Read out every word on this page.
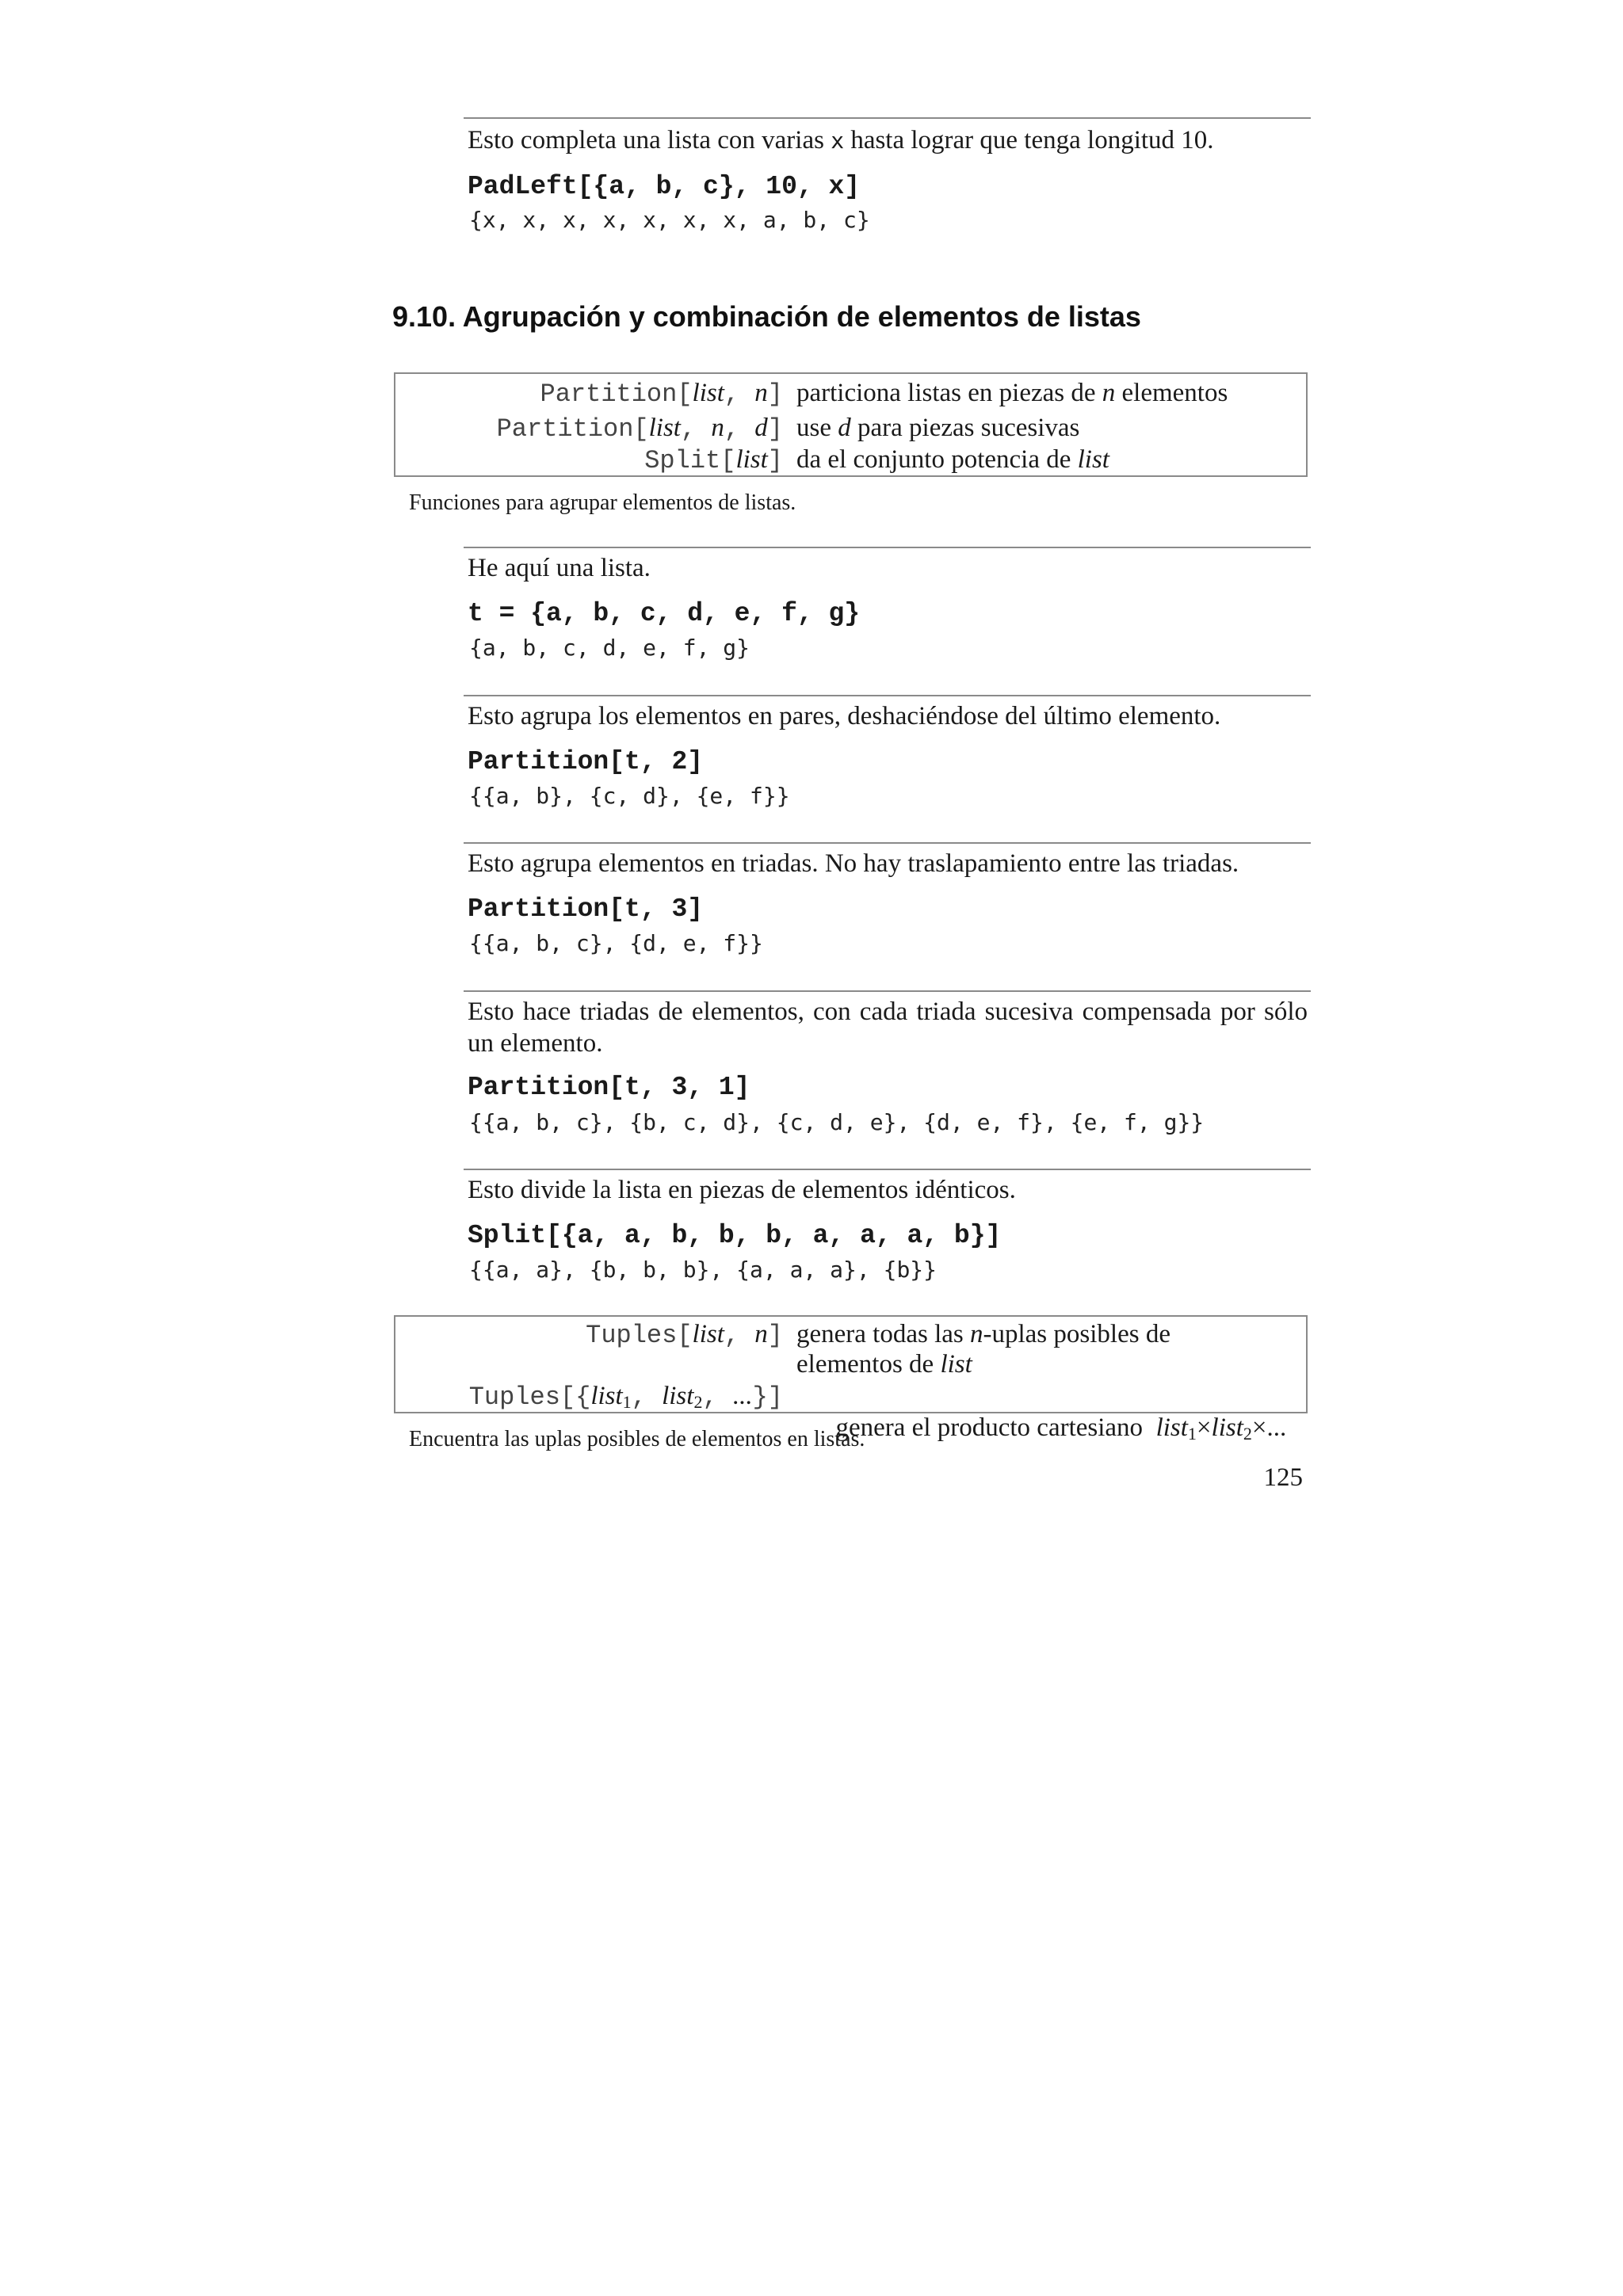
Esto completa una lista con varias x hasta lograr que tenga longitud 10.
PadLeft[{a, b, c}, 10, x]
{x, x, x, x, x, x, x, a, b, c}
9.10. Agrupación y combinación de elementos de listas
Partition[list, n] particiona listas en piezas de n elementos
Partition[list, n, d] use d para piezas sucesivas
Split[list] da el conjunto potencia de list
Funciones para agrupar elementos de listas.
He aquí una lista.
t = {a, b, c, d, e, f, g}
{a, b, c, d, e, f, g}
Esto agrupa los elementos en pares, deshaciéndose del último elemento.
Partition[t, 2]
{{a, b}, {c, d}, {e, f}}
Esto agrupa elementos en triadas. No hay traslapamiento entre las triadas.
Partition[t, 3]
{{a, b, c}, {d, e, f}}
Esto hace triadas de elementos, con cada triada sucesiva compensada por sólo un elemento.
Partition[t, 3, 1]
{{a, b, c}, {b, c, d}, {c, d, e}, {d, e, f}, {e, f, g}}
Esto divide la lista en piezas de elementos idénticos.
Split[{a, a, b, b, b, a, a, a, b}]
{{a, a}, {b, b, b}, {a, a, a}, {b}}
Tuples[list, n] genera todas las n-uplas posibles de
elementos de list
Tuples[{list$_1$, list$_2$, ...}]

genera el producto cartesiano  list$_1$×list$_2$×...

Encuentra las uplas posibles de elementos en listas.
125
